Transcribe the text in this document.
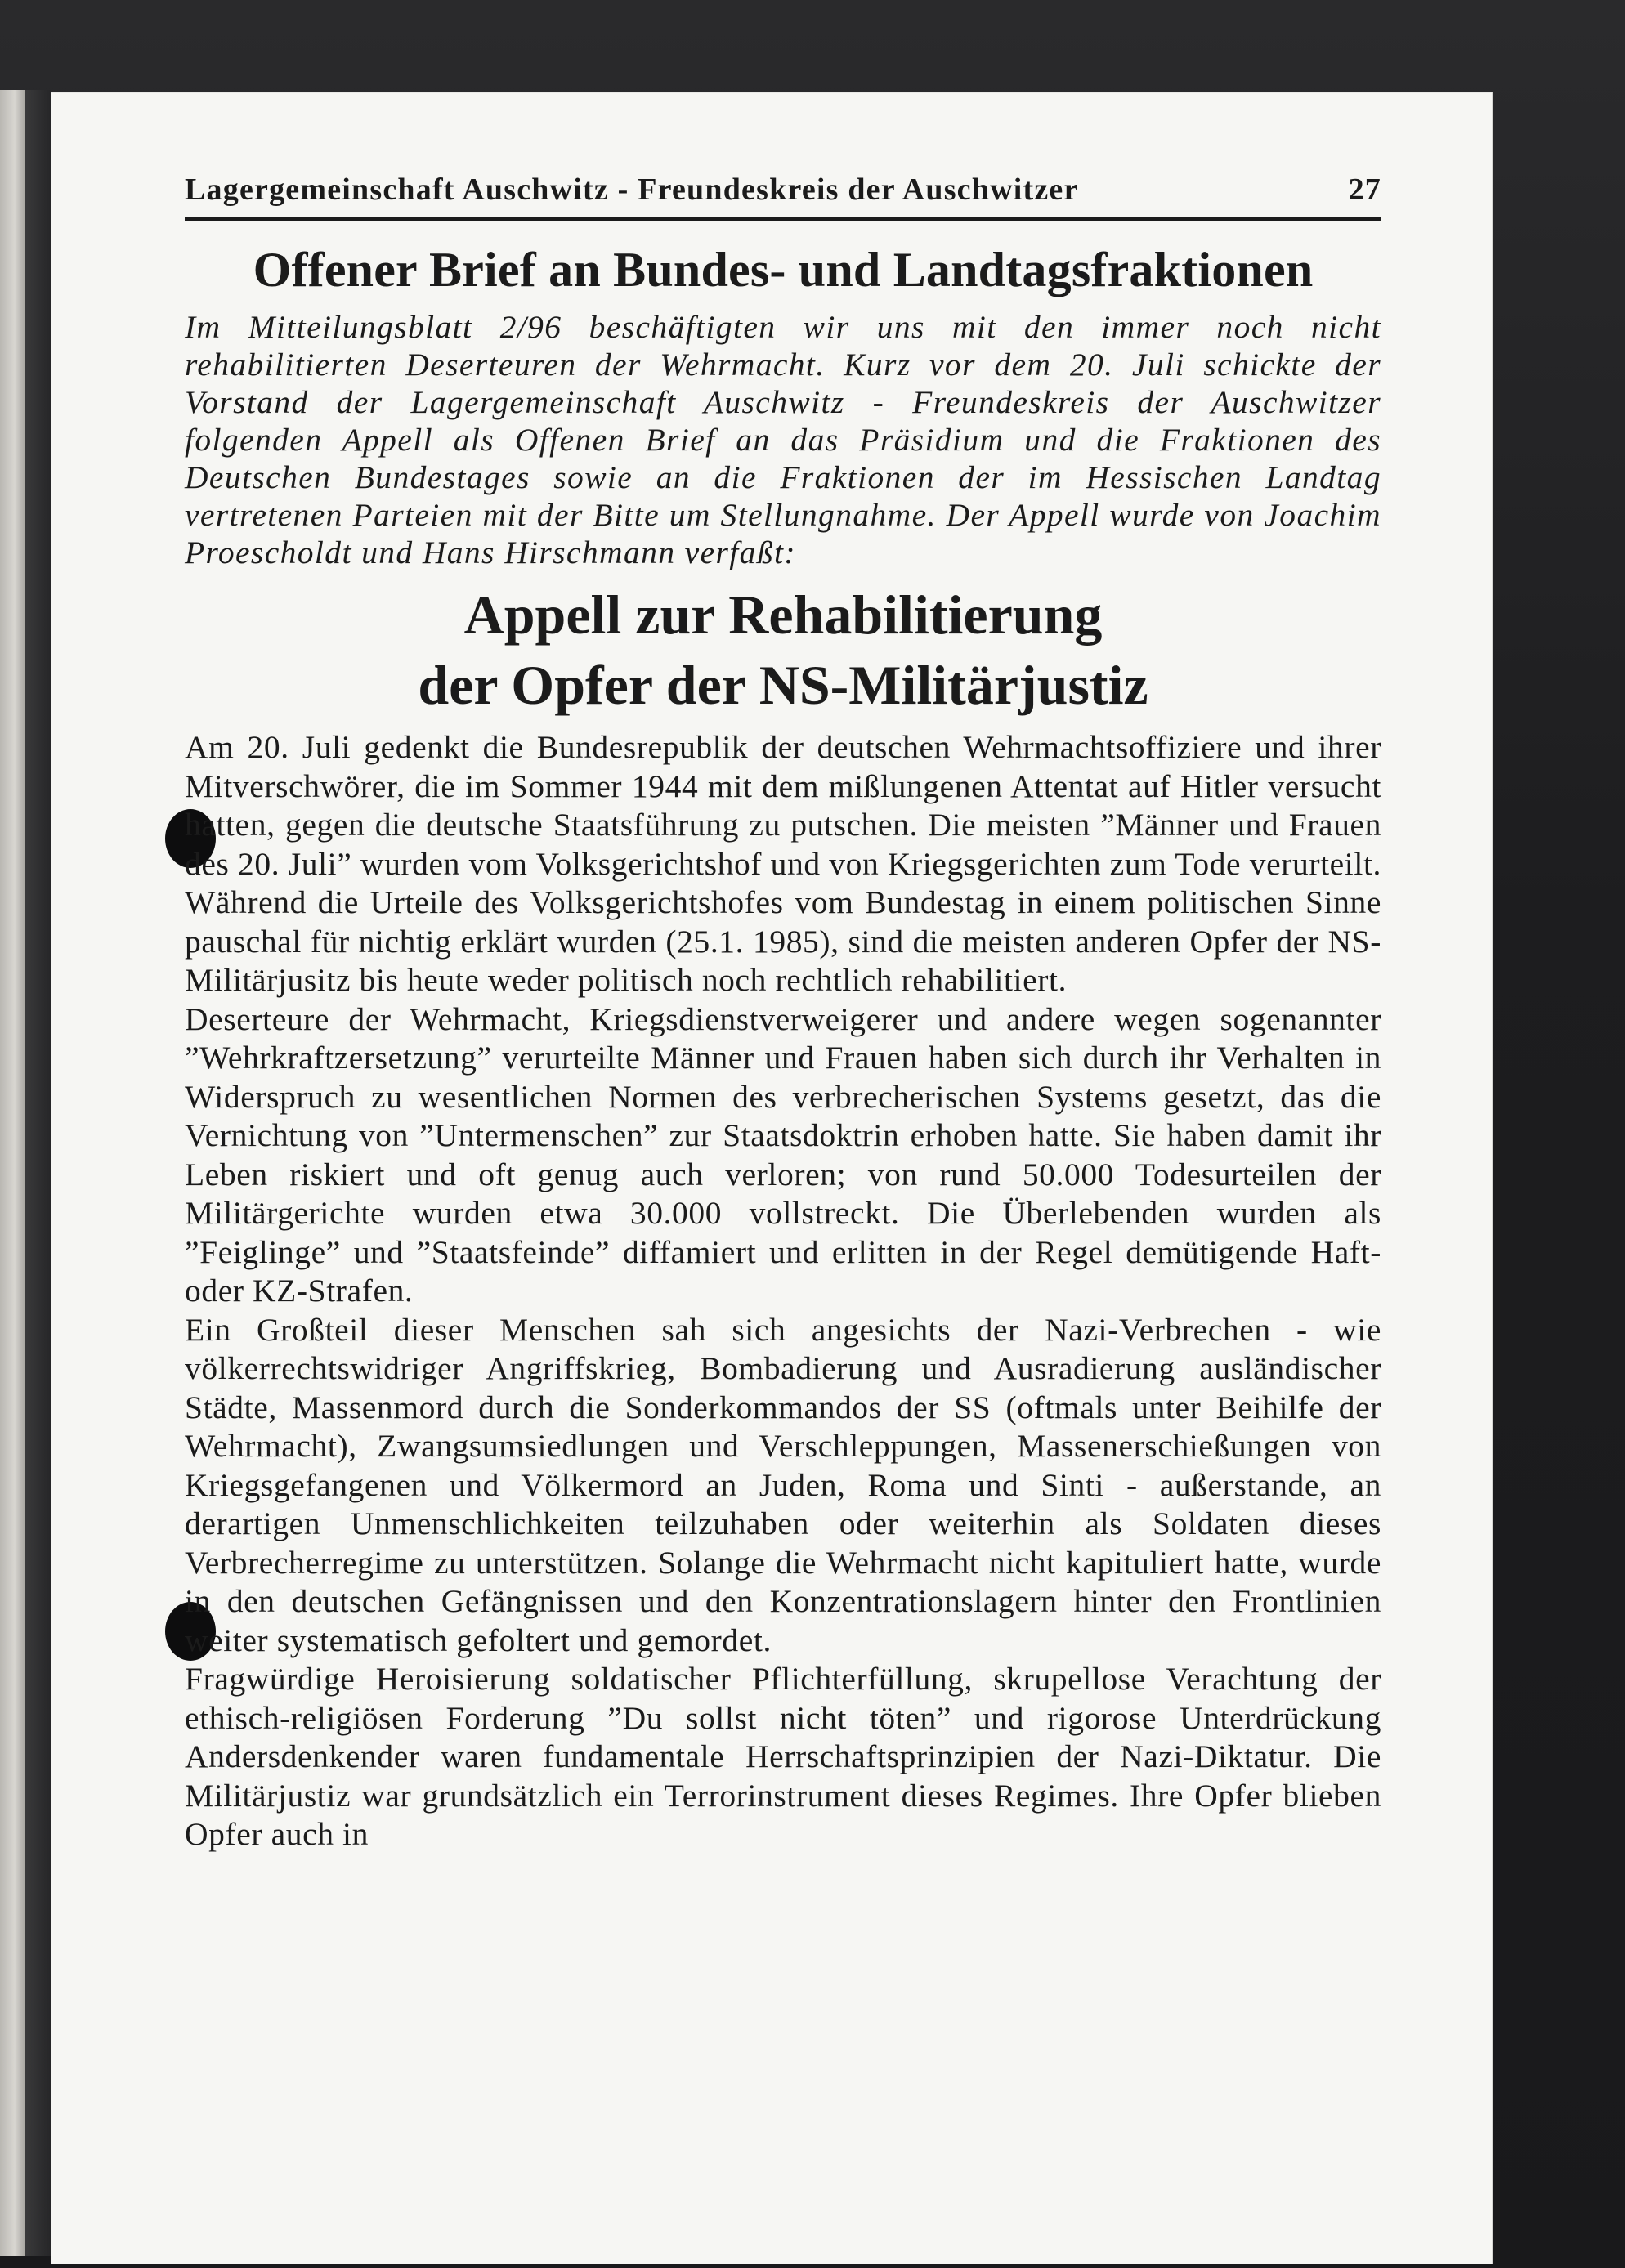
Lagergemeinschaft Auschwitz - Freundeskreis der Auschwitzer	27
Offener Brief an Bundes- und Landtagsfraktionen

Im Mitteilungsblatt 2/96 beschäftigten wir uns mit den immer noch nicht rehabilitierten Deserteuren der Wehrmacht. Kurz vor dem 20. Juli schickte der Vorstand der Lagergemeinschaft Auschwitz - Freundeskreis der Auschwitzer folgenden Appell als Offenen Brief an das Präsidium und die Fraktionen des Deutschen Bundestages sowie an die Fraktionen der im Hessischen Landtag vertretenen Parteien mit der Bitte um Stellungnahme. Der Appell wurde von Joachim Proescholdt und Hans Hirschmann verfaßt:

Appell zur Rehabilitierung
der Opfer der NS-Militärjustiz

Am 20. Juli gedenkt die Bundesrepublik der deutschen Wehrmachtsoffiziere und ihrer Mitverschwörer, die im Sommer 1944 mit dem mißlungenen Attentat auf Hitler versucht hatten, gegen die deutsche Staatsführung zu putschen. Die meisten ”Männer und Frauen des 20. Juli” wurden vom Volksgerichtshof und von Kriegsgerichten zum Tode verurteilt. Während die Urteile des Volksgerichtshofes vom Bundestag in einem politischen Sinne pauschal für nichtig erklärt wurden (25.1. 1985), sind die meisten anderen Opfer der NS-Militärjusitz bis heute weder politisch noch rechtlich rehabilitiert.

Deserteure der Wehrmacht, Kriegsdienstverweigerer und andere wegen sogenannter ”Wehrkraftzersetzung” verurteilte Männer und Frauen haben sich durch ihr Verhalten in Widerspruch zu wesentlichen Normen des verbrecherischen Systems gesetzt, das die Vernichtung von ”Untermenschen” zur Staatsdoktrin erhoben hatte. Sie haben damit ihr Leben riskiert und oft genug auch verloren; von rund 50.000 Todesurteilen der Militärgerichte wurden etwa 30.000 vollstreckt. Die Überlebenden wurden als ”Feiglinge” und ”Staatsfeinde” diffamiert und erlitten in der Regel demütigende Haft- oder KZ-Strafen.

Ein Großteil dieser Menschen sah sich angesichts der Nazi-Verbrechen - wie völkerrechtswidriger Angriffskrieg, Bombadierung und Ausradierung ausländischer Städte, Massenmord durch die Sonderkommandos der SS (oftmals unter Beihilfe der Wehrmacht), Zwangsumsiedlungen und Verschleppungen, Massenerschießungen von Kriegsgefangenen und Völkermord an Juden, Roma und Sinti - außerstande, an derartigen Unmenschlichkeiten teilzuhaben oder weiterhin als Soldaten dieses Verbrecherregime zu unterstützen. Solange die Wehrmacht nicht kapituliert hatte, wurde in den deutschen Gefängnissen und den Konzentrationslagern hinter den Frontlinien weiter systematisch gefoltert und gemordet.

Fragwürdige Heroisierung soldatischer Pflichterfüllung, skrupellose Verachtung der ethisch-religiösen Forderung ”Du sollst nicht töten” und rigorose Unterdrückung Andersdenkender waren fundamentale Herrschaftsprinzipien der Nazi-Diktatur. Die Militärjustiz war grundsätzlich ein Terrorinstrument dieses Regimes. Ihre Opfer blieben Opfer auch in
